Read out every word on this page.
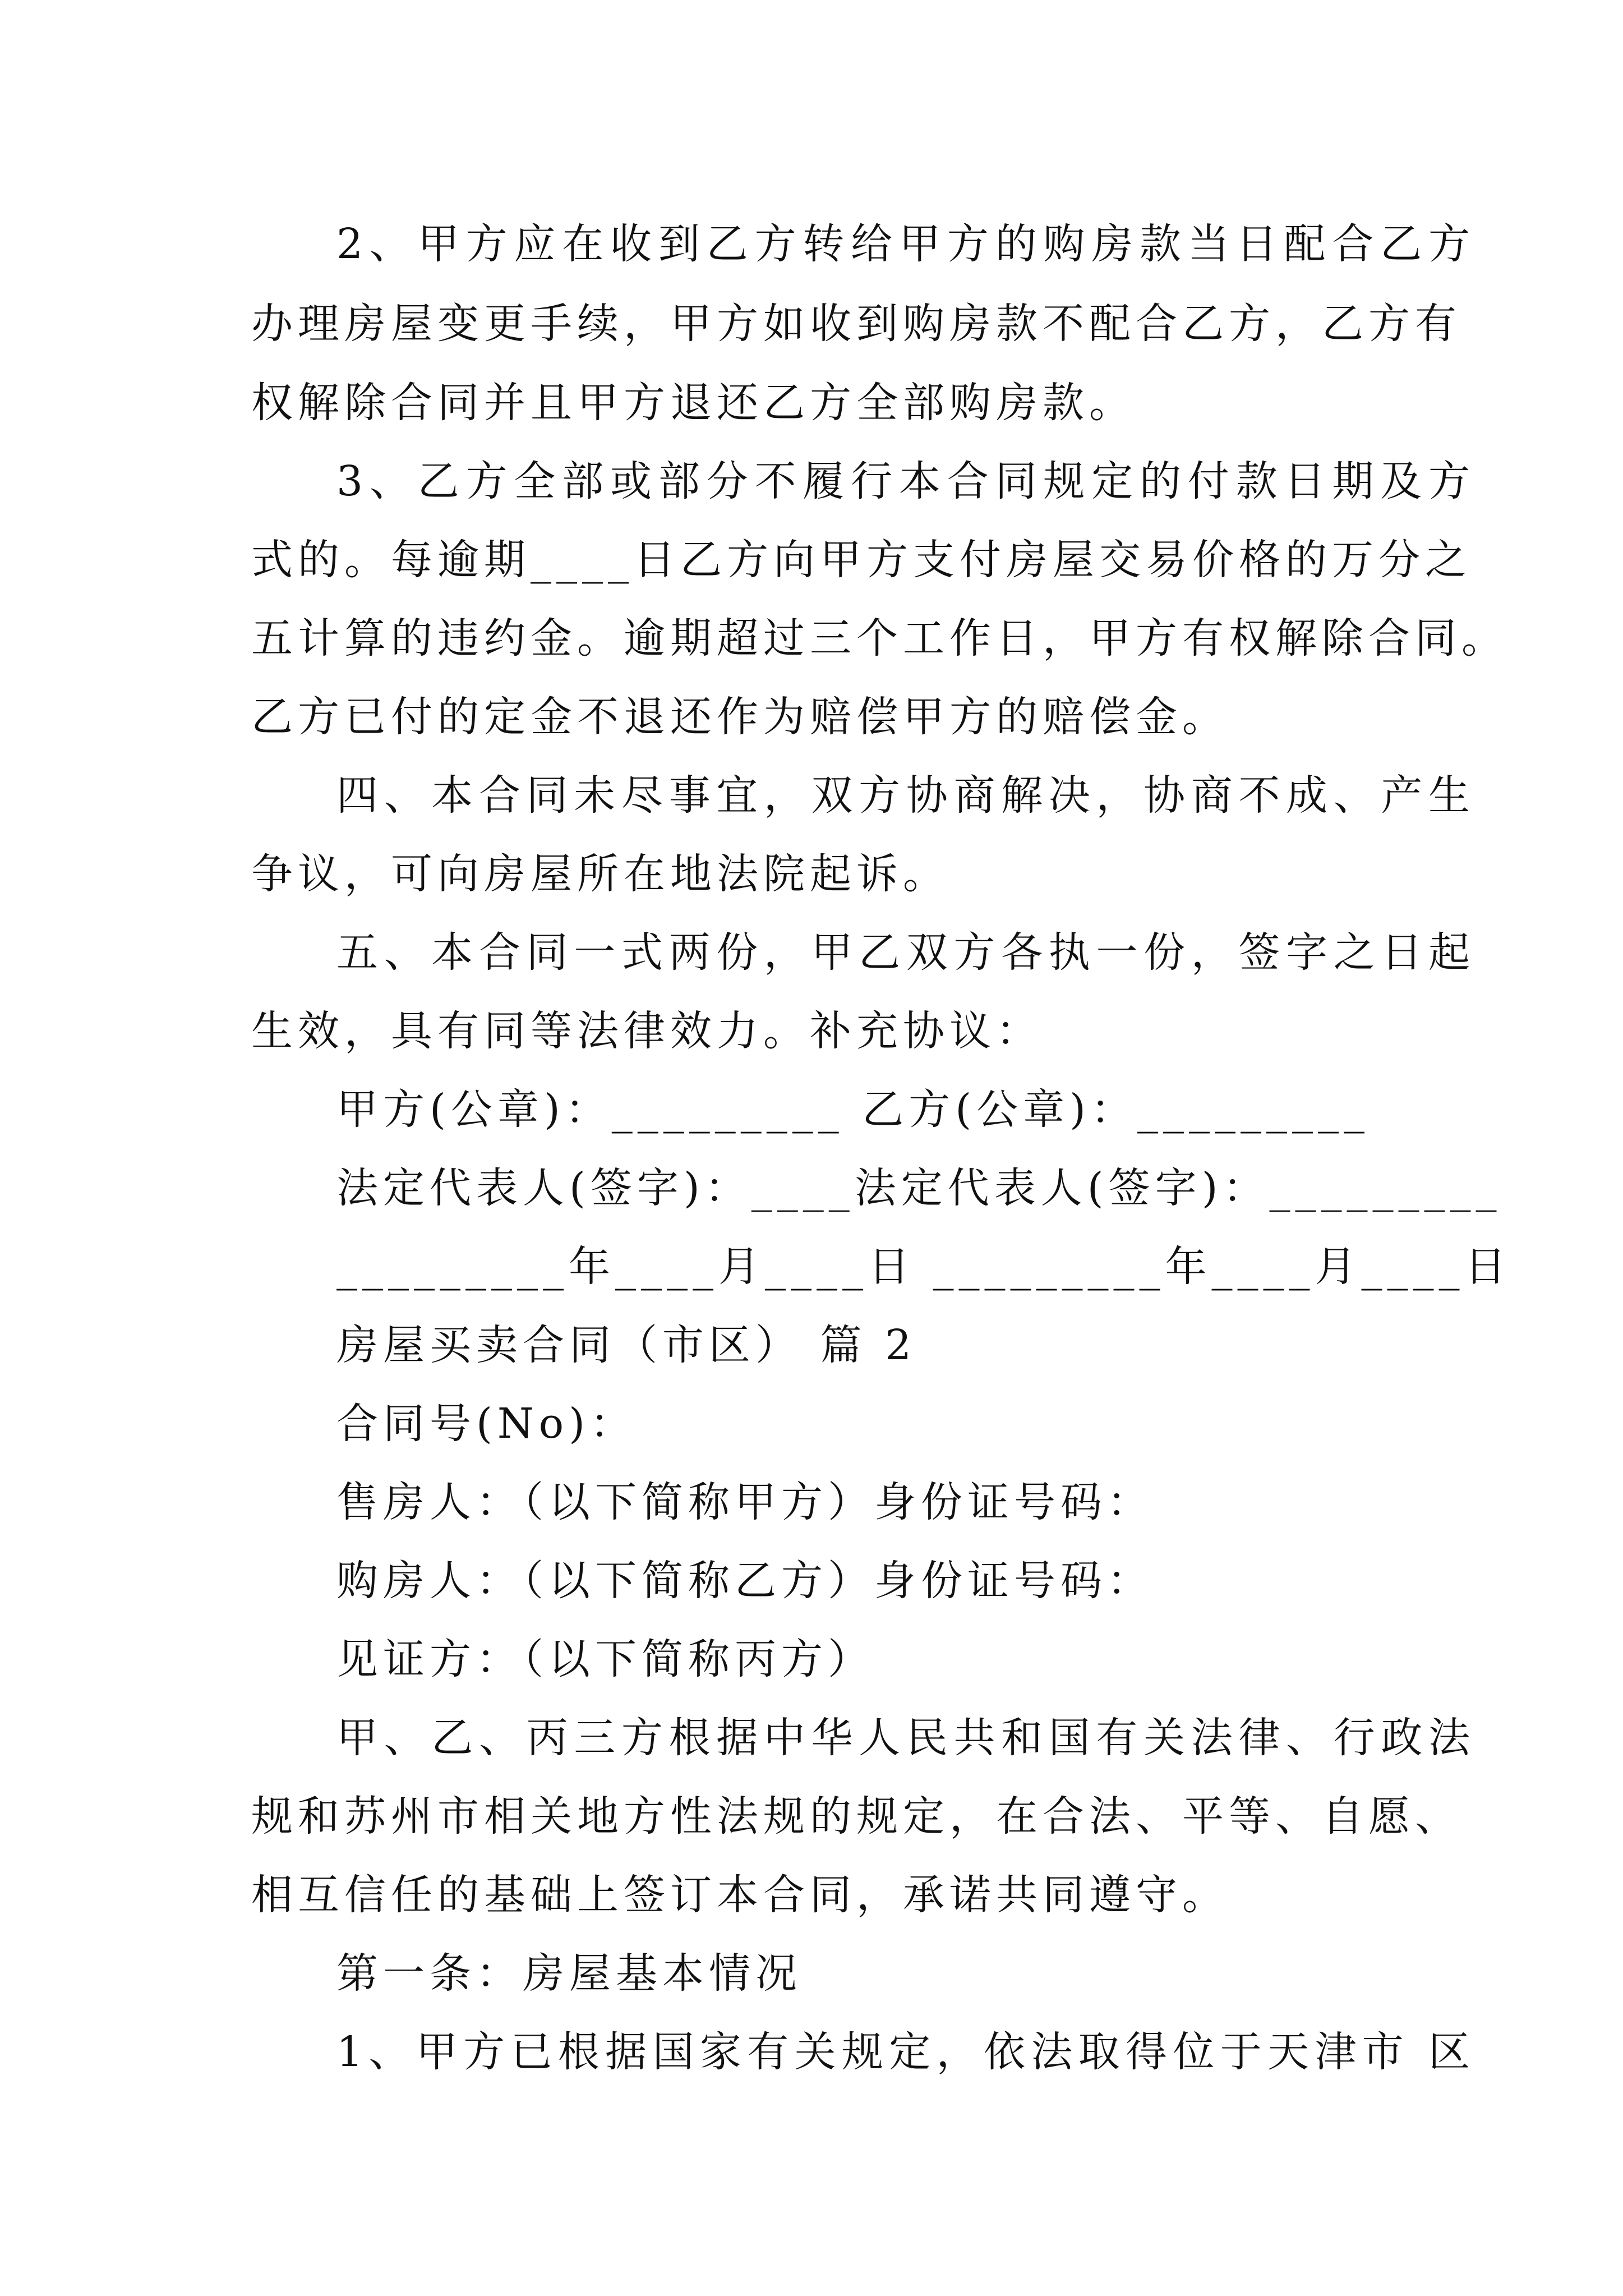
2、甲方应在收到乙方转给甲方的购房款当日配合乙方
办理房屋变更手续，甲方如收到购房款不配合乙方，乙方有
权解除合同并且甲方退还乙方全部购房款。
3、乙方全部或部分不履行本合同规定的付款日期及方
式的。每逾期____日乙方向甲方支付房屋交易价格的万分之
五计算的违约金。逾期超过三个工作日，甲方有权解除合同。
乙方已付的定金不退还作为赔偿甲方的赔偿金。
四、本合同未尽事宜，双方协商解决，协商不成、产生
争议，可向房屋所在地法院起诉。
五、本合同一式两份，甲乙双方各执一份，签字之日起
生效，具有同等法律效力。补充协议：
甲方(公章)：_________ 乙方(公章)：_________
法定代表人(签字)：____法定代表人(签字)：_________
_________年____月____日 _________年____月____日
房屋买卖合同（市区） 篇 2
合同号(No)：
售房人：（以下简称甲方）身份证号码：
购房人：（以下简称乙方）身份证号码：
见证方：（以下简称丙方）
甲、乙、丙三方根据中华人民共和国有关法律、行政法
规和苏州市相关地方性法规的规定，在合法、平等、自愿、
相互信任的基础上签订本合同，承诺共同遵守。
第一条：房屋基本情况
1、甲方已根据国家有关规定，依法取得位于天津市 区
